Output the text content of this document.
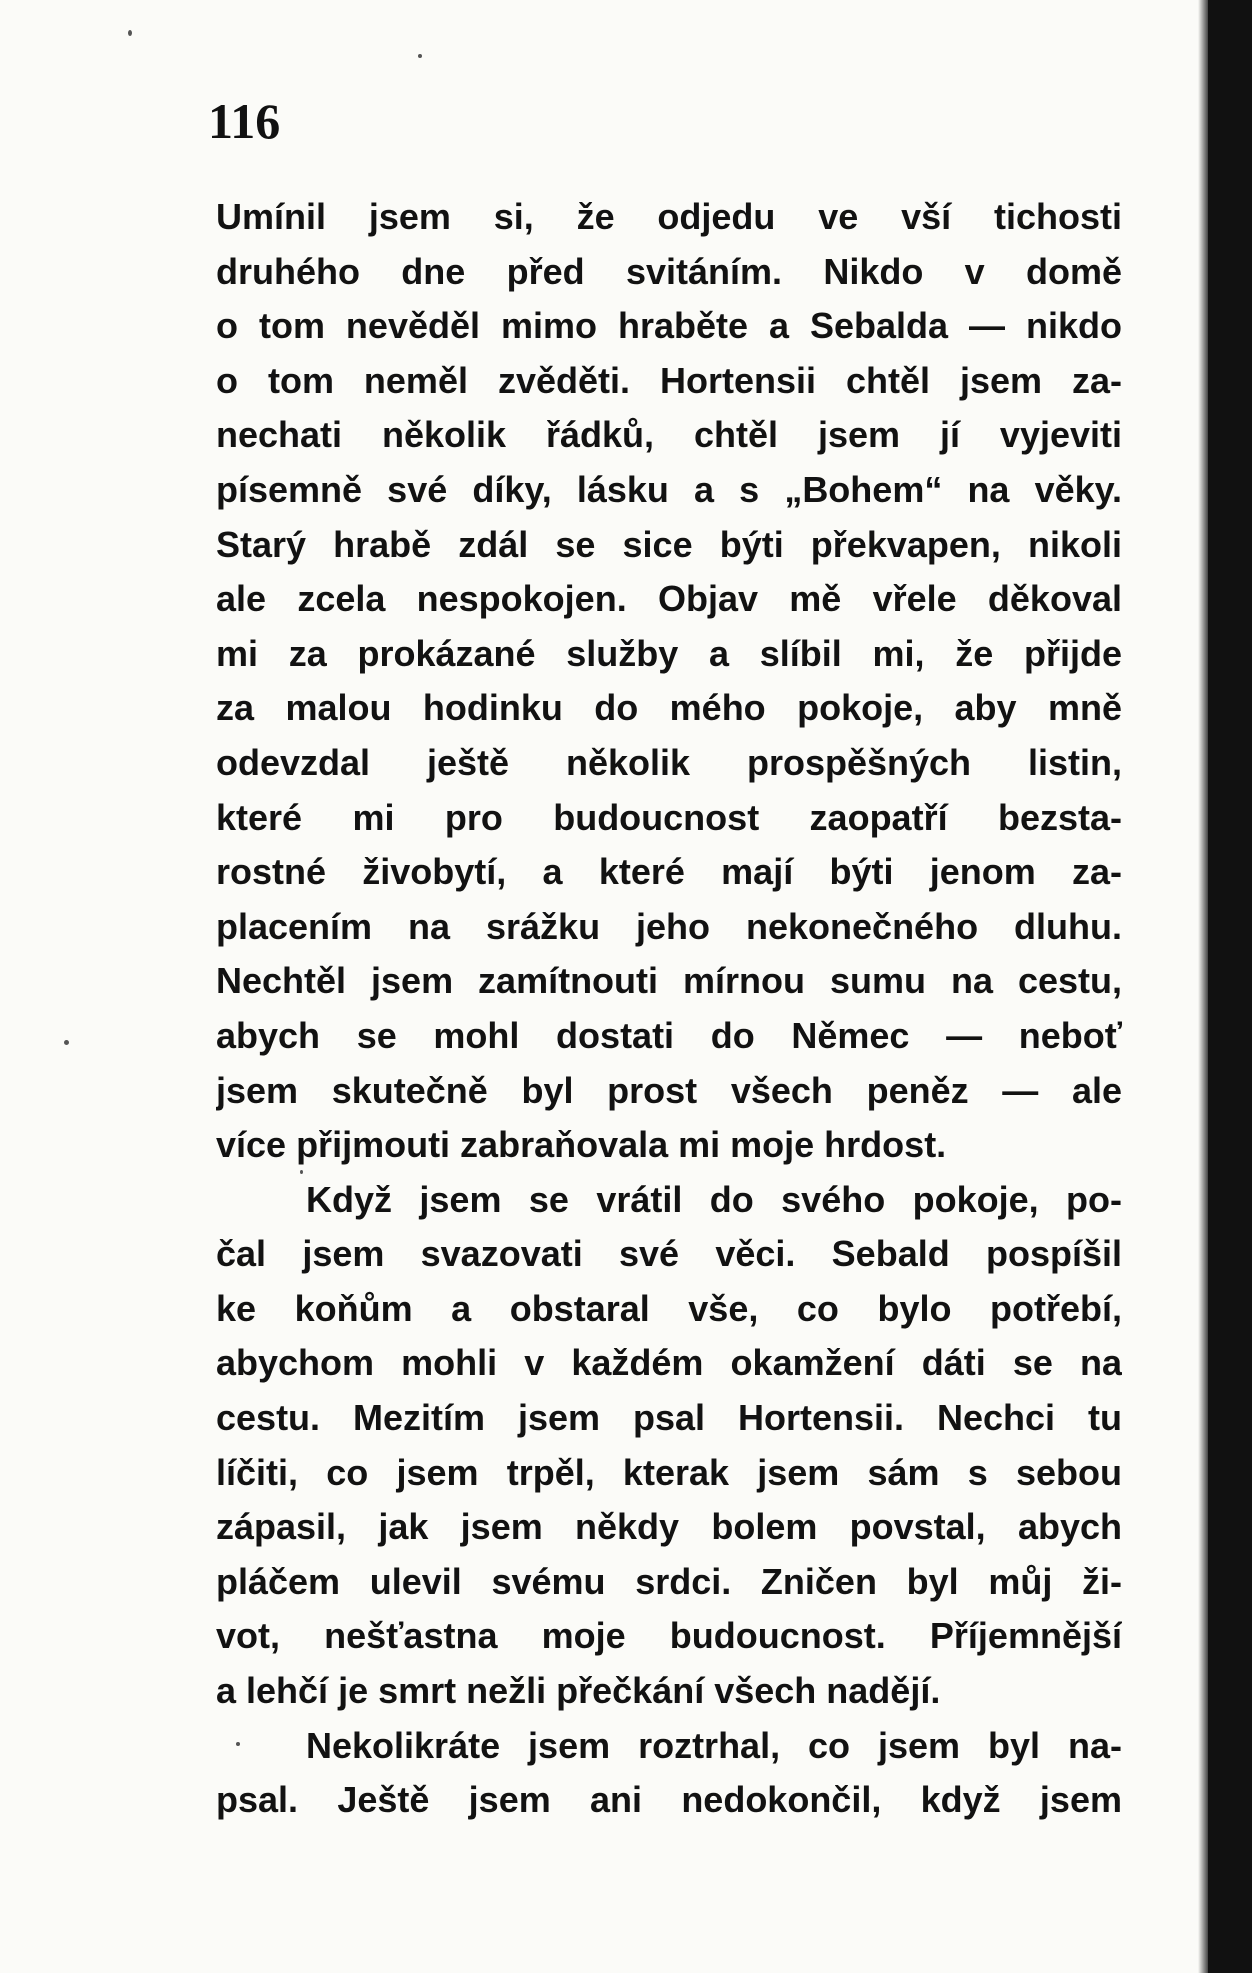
116
Umínil jsem si, že odjedu ve vší tichosti
druhého dne před svitáním. Nikdo v domě
o tom nevěděl mimo hraběte a Sebalda — nikdo
o tom neměl zvěděti. Hortensii chtěl jsem za-
nechati několik řádků, chtěl jsem jí vyjeviti
písemně své díky, lásku a s „Bohem“ na věky.
Starý hrabě zdál se sice býti překvapen, nikoli
ale zcela nespokojen. Objav mě vřele děkoval
mi za prokázané služby a slíbil mi, že přijde
za malou hodinku do mého pokoje, aby mně
odevzdal ještě několik prospěšných listin,
které mi pro budoucnost zaopatří bezsta-
rostné živobytí, a které mají býti jenom za-
placením na srážku jeho nekonečného dluhu.
Nechtěl jsem zamítnouti mírnou sumu na cestu,
abych se mohl dostati do Němec — neboť
jsem skutečně byl prost všech peněz — ale
více přijmouti zabraňovala mi moje hrdost.
Když jsem se vrátil do svého pokoje, po-
čal jsem svazovati své věci. Sebald pospíšil
ke koňům a obstaral vše, co bylo potřebí,
abychom mohli v každém okamžení dáti se na
cestu. Mezitím jsem psal Hortensii. Nechci tu
líčiti, co jsem trpěl, kterak jsem sám s sebou
zápasil, jak jsem někdy bolem povstal, abych
pláčem ulevil svému srdci. Zničen byl můj ži-
vot, nešťastna moje budoucnost. Příjemnější
a lehčí je smrt nežli přečkání všech nadějí.
Nekolikráte jsem roztrhal, co jsem byl na-
psal. Ještě jsem ani nedokončil, když jsem
